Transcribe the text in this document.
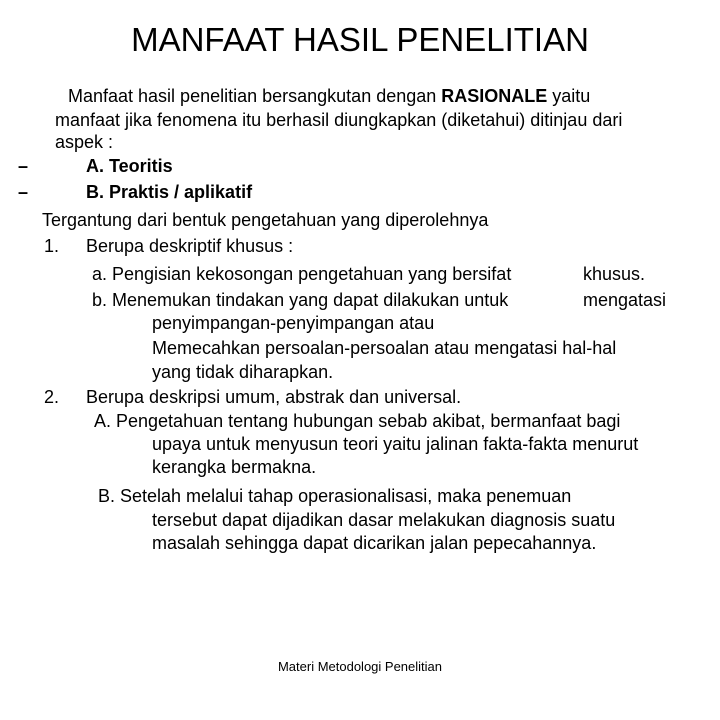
MANFAAT HASIL PENELITIAN
Manfaat hasil penelitian bersangkutan dengan RASIONALE yaitu
manfaat jika fenomena itu berhasil diungkapkan (diketahui) ditinjau dari
aspek :
–	A. Teoritis
–	B. Praktis / aplikatif
Tergantung dari bentuk pengetahuan yang diperolehnya
1. Berupa deskriptif khusus :
a. Pengisian kekosongan pengetahuan yang bersifat	khusus.
b. Menemukan tindakan yang dapat dilakukan untuk	mengatasi
penyimpangan-penyimpangan atau
Memecahkan persoalan-persoalan atau mengatasi hal-hal
yang tidak diharapkan.
2. Berupa deskripsi umum, abstrak dan universal.
A. Pengetahuan tentang hubungan sebab akibat, bermanfaat bagi
upaya untuk menyusun teori yaitu jalinan fakta-fakta menurut
kerangka bermakna.
B. Setelah melalui tahap operasionalisasi, maka penemuan
tersebut dapat dijadikan dasar melakukan diagnosis suatu
masalah sehingga dapat dicarikan jalan pepecahannya.
Materi Metodologi Penelitian
